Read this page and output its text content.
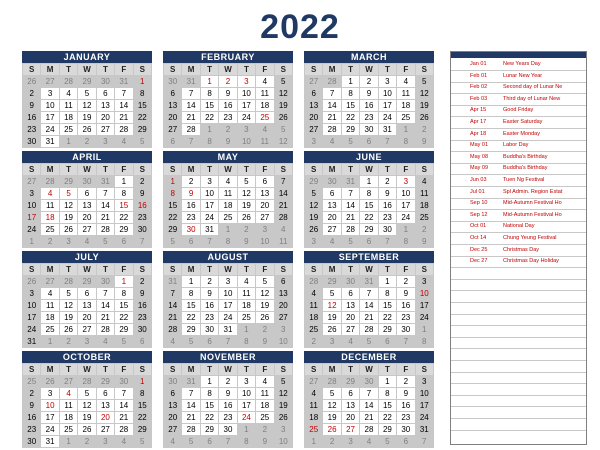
2022
JANUARY
S	M	T	W	T	F	S
26	27	28	29	30	31	1
2	3	4	5	6	7	8
9	10	11	12	13	14	15
16	17	18	19	20	21	22
23	24	25	26	27	28	29
30	31	1	2	3	4	5
FEBRUARY
S	M	T	W	T	F	S
30	31	1	2	3	4	5
6	7	8	9	10	11	12
13	14	15	16	17	18	19
20	21	22	23	24	25	26
27	28	1	2	3	4	5
6	7	8	9	10	11	12
MARCH
S	M	T	W	T	F	S
27	28	1	2	3	4	5
6	7	8	9	10	11	12
13	14	15	16	17	18	19
20	21	22	23	24	25	26
27	28	29	30	31	1	2
3	4	5	6	7	8	9
APRIL
S	M	T	W	T	F	S
27	28	29	30	31	1	2
3	4	5	6	7	8	9
10	11	12	13	14	15	16
17	18	19	20	21	22	23
24	25	26	27	28	29	30
1	2	3	4	5	6	7
MAY
S	M	T	W	T	F	S
1	2	3	4	5	6	7
8	9	10	11	12	13	14
15	16	17	18	19	20	21
22	23	24	25	26	27	28
29	30	31	1	2	3	4
5	6	7	8	9	10	11
JUNE
S	M	T	W	T	F	S
29	30	31	1	2	3	4
5	6	7	8	9	10	11
12	13	14	15	16	17	18
19	20	21	22	23	24	25
26	27	28	29	30	1	2
3	4	5	6	7	8	9
JULY
S	M	T	W	T	F	S
26	27	28	29	30	1	2
3	4	5	6	7	8	9
10	11	12	13	14	15	16
17	18	19	20	21	22	23
24	25	26	27	28	29	30
31	1	2	3	4	5	6
AUGUST
S	M	T	W	T	F	S
31	1	2	3	4	5	6
7	8	9	10	11	12	13
14	15	16	17	18	19	20
21	22	23	24	25	26	27
28	29	30	31	1	2	3
4	5	6	7	8	9	10
SEPTEMBER
S	M	T	W	T	F	S
28	29	30	31	1	2	3
4	5	6	7	8	9	10
11	12	13	14	15	16	17
18	19	20	21	22	23	24
25	26	27	28	29	30	1
2	3	4	5	6	7	8
OCTOBER
S	M	T	W	T	F	S
25	26	27	28	29	30	1
2	3	4	5	6	7	8
9	10	11	12	13	14	15
16	17	18	19	20	21	22
23	24	25	26	27	28	29
30	31	1	2	3	4	5
NOVEMBER
S	M	T	W	T	F	S
30	31	1	2	3	4	5
6	7	8	9	10	11	12
13	14	15	16	17	18	19
20	21	22	23	24	25	26
27	28	29	30	1	2	3
4	5	6	7	8	9	10
DECEMBER
S	M	T	W	T	F	S
27	28	29	30	1	2	3
4	5	6	7	8	9	10
11	12	13	14	15	16	17
18	19	20	21	22	23	24
25	26	27	28	29	30	31
1	2	3	4	5	6	7
Jan 01	New Years Day
Feb 01	Lunar New Year
Feb 02	Second day of Lunar Ne
Feb 03	Third day of Lunar New
Apr 15	Good Friday
Apr 17	Easter Saturday
Apr 18	Easter Monday
May 01	Labor Day
May 08	Buddha's Birthday
May 09	Buddha's Birthday
Jun 03	Tuen Ng Festival
Jul 01	Spl Admin. Region Estat
Sep 10	Mid-Autumn Festival Ho
Sep 12	Mid-Autumn Festival Ho
Oct 01	National Day
Oct 14	Chung Yeung Festival
Dec 25	Christmas Day
Dec 27	Christmas Day Holiday
